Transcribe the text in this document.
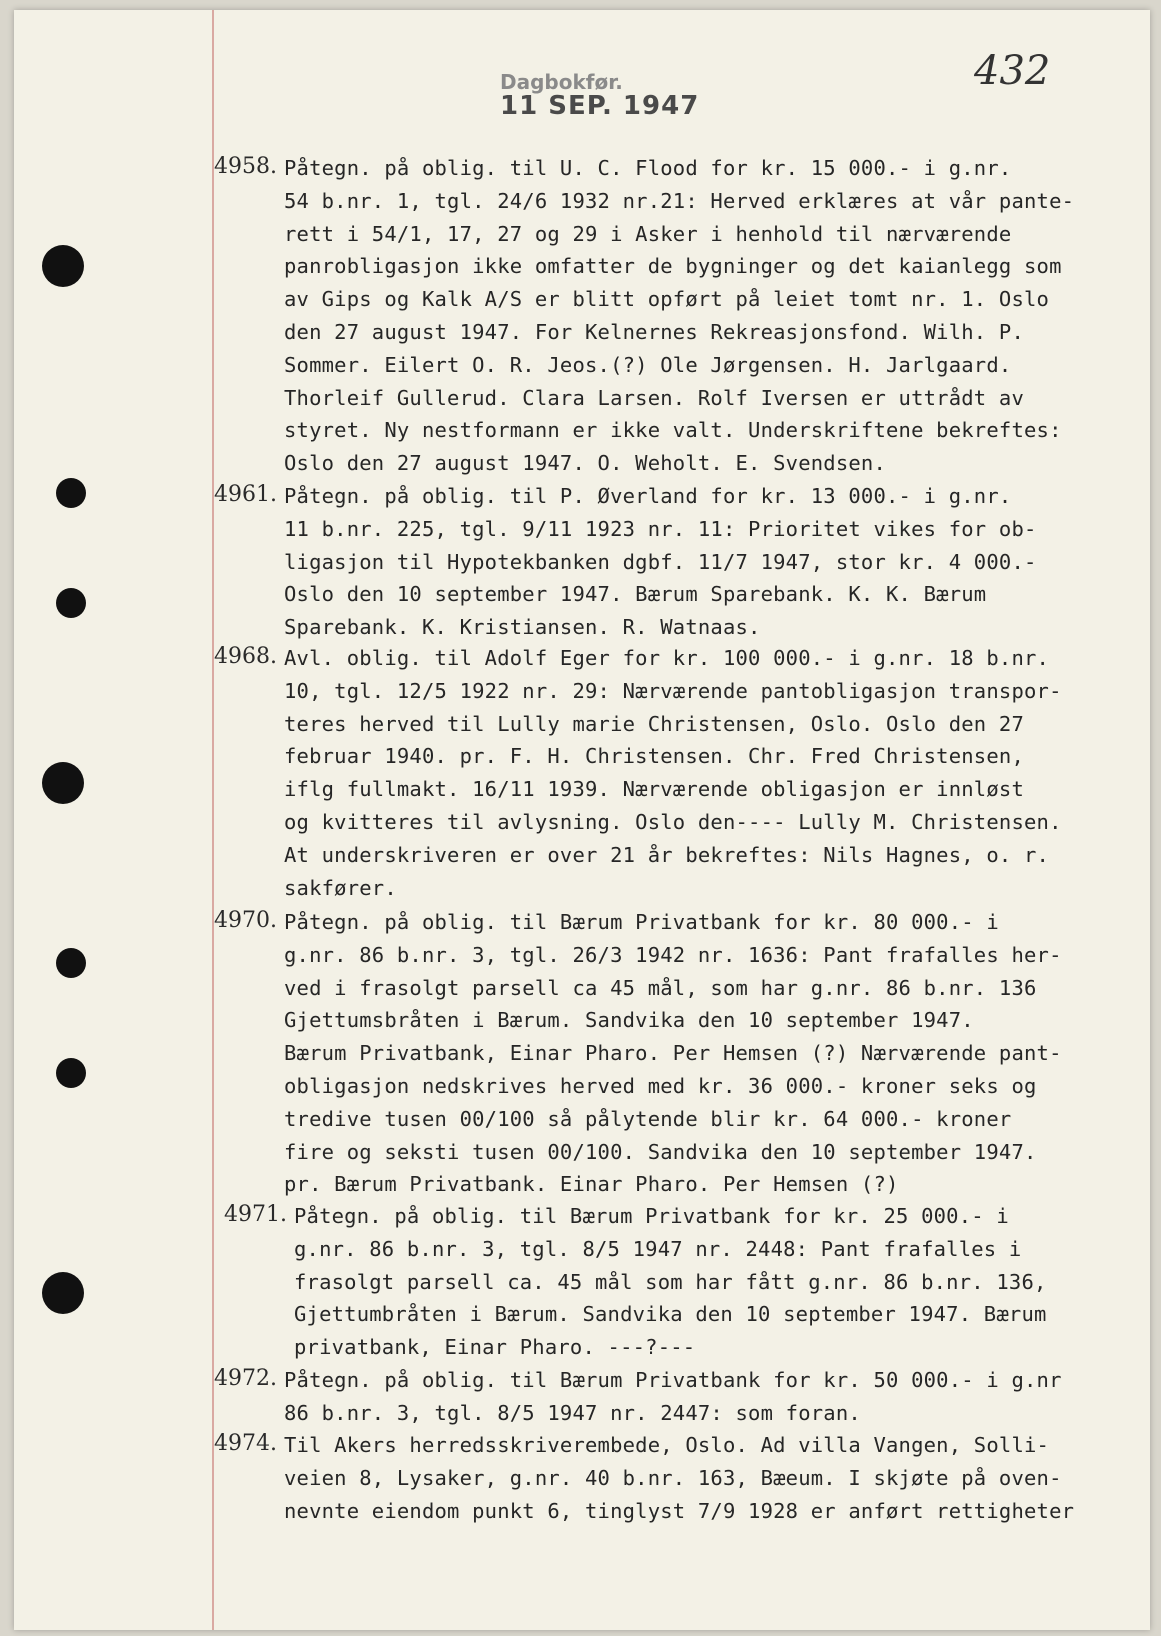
Dagbokfør.
11 SEP. 1947
432
4958. Påtegn. på oblig. til U. C. Flood for kr. 15 000.- i g.nr.
54 b.nr. 1, tgl. 24/6 1932 nr.21: Herved erklæres at vår pante-
rett i 54/1, 17, 27 og 29 i Asker i henhold til nærværende
panrobligasjon ikke omfatter de bygninger og det kaianlegg som
av Gips og Kalk A/S er blitt opført på leiet tomt nr. 1. Oslo
den 27 august 1947. For Kelnernes Rekreasjonsfond. Wilh. P.
Sommer. Eilert O. R. Jeos.(?) Ole Jørgensen. H. Jarlgaard.
Thorleif Gullerud. Clara Larsen. Rolf Iversen er uttrådt av
styret. Ny nestformann er ikke valt. Underskriftene bekreftes:
Oslo den 27 august 1947. O. Weholt. E. Svendsen.
4961. Påtegn. på oblig. til P. Øverland for kr. 13 000.- i g.nr.
11 b.nr. 225, tgl. 9/11 1923 nr. 11: Prioritet vikes for ob-
ligasjon til Hypotekbanken dgbf. 11/7 1947, stor kr. 4 000.-
Oslo den 10 september 1947. Bærum Sparebank. K. K. Bærum
Sparebank. K. Kristiansen. R. Watnaas.
4968. Avl. oblig. til Adolf Eger for kr. 100 000.- i g.nr. 18 b.nr.
10, tgl. 12/5 1922 nr. 29: Nærværende pantobligasjon transpor-
teres herved til Lully marie Christensen, Oslo. Oslo den 27
februar 1940. pr. F. H. Christensen. Chr. Fred Christensen,
iflg fullmakt. 16/11 1939. Nærværende obligasjon er innløst
og kvitteres til avlysning. Oslo den---- Lully M. Christensen.
At underskriveren er over 21 år bekreftes: Nils Hagnes, o. r.
sakfører.
4970. Påtegn. på oblig. til Bærum Privatbank for kr. 80 000.- i
g.nr. 86 b.nr. 3, tgl. 26/3 1942 nr. 1636: Pant frafalles her-
ved i frasolgt parsell ca 45 mål, som har g.nr. 86 b.nr. 136
Gjettumsbråten i Bærum. Sandvika den 10 september 1947.
Bærum Privatbank, Einar Pharo. Per Hemsen (?) Nærværende pant-
obligasjon nedskrives herved med kr. 36 000.- kroner seks og
tredive tusen 00/100 så pålytende blir kr. 64 000.- kroner
fire og seksti tusen 00/100. Sandvika den 10 september 1947.
pr. Bærum Privatbank. Einar Pharo. Per Hemsen (?)
4971. Påtegn. på oblig. til Bærum Privatbank for kr. 25 000.- i
g.nr. 86 b.nr. 3, tgl. 8/5 1947 nr. 2448: Pant frafalles i
frasolgt parsell ca. 45 mål som har fått g.nr. 86 b.nr. 136,
Gjettumbråten i Bærum. Sandvika den 10 september 1947. Bærum
privatbank, Einar Pharo. ---?---
4972. Påtegn. på oblig. til Bærum Privatbank for kr. 50 000.- i g.nr
86 b.nr. 3, tgl. 8/5 1947 nr. 2447: som foran.
4974. Til Akers herredsskriverembede, Oslo. Ad villa Vangen, Solli-
veien 8, Lysaker, g.nr. 40 b.nr. 163, Bæeum. I skjøte på oven-
nevnte eiendom punkt 6, tinglyst 7/9 1928 er anført rettigheter
